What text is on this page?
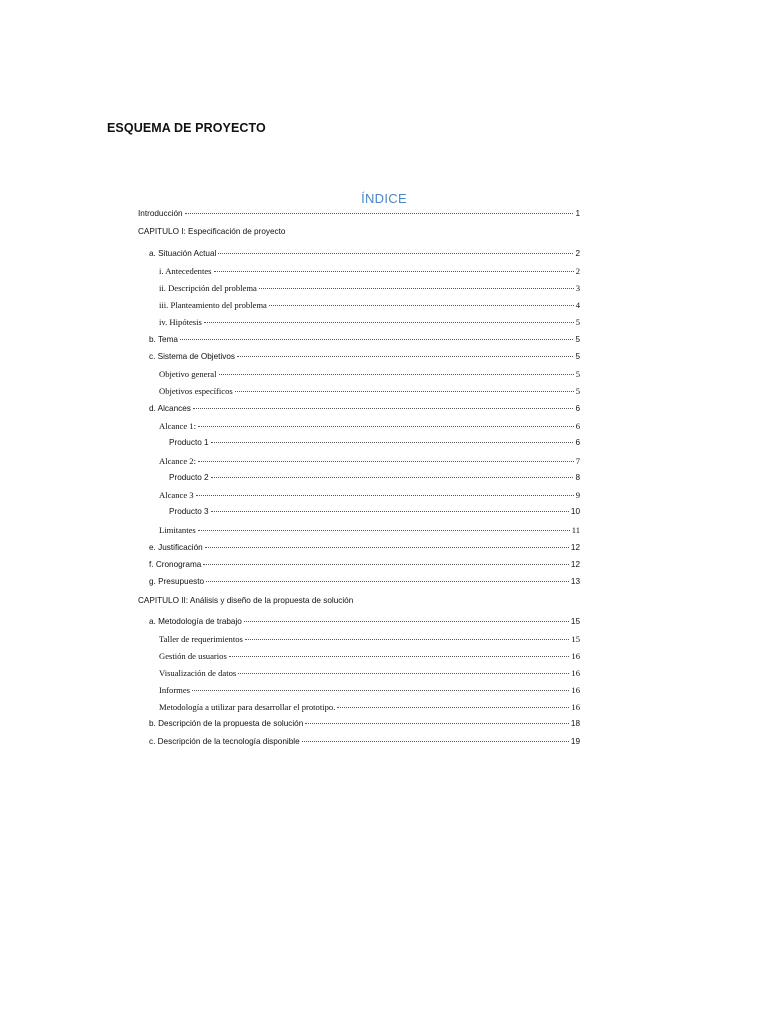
ESQUEMA DE PROYECTO
ÍNDICE
Introducción	1
CAPITULO I: Especificación de proyecto
a. Situación Actual	2
i. Antecedentes	2
ii. Descripción del problema	3
iii. Planteamiento del problema	4
iv. Hipótesis	5
b. Tema	5
c. Sistema de Objetivos	5
Objetivo general	5
Objetivos específicos	5
d. Alcances	6
Alcance 1:	6
Producto 1	6
Alcance 2:	7
Producto 2	8
Alcance 3	9
Producto 3	10
Limitantes	11
e. Justificación	12
f. Cronograma	12
g. Presupuesto	13
CAPITULO II: Análisis y diseño de la propuesta de solución
a. Metodología de trabajo	15
Taller de requerimientos	15
Gestión de usuarios	16
Visualización de datos	16
Informes	16
Metodología a utilizar para desarrollar el prototipo.	16
b. Descripción de la propuesta de solución	18
c. Descripción de la tecnología disponible	19
